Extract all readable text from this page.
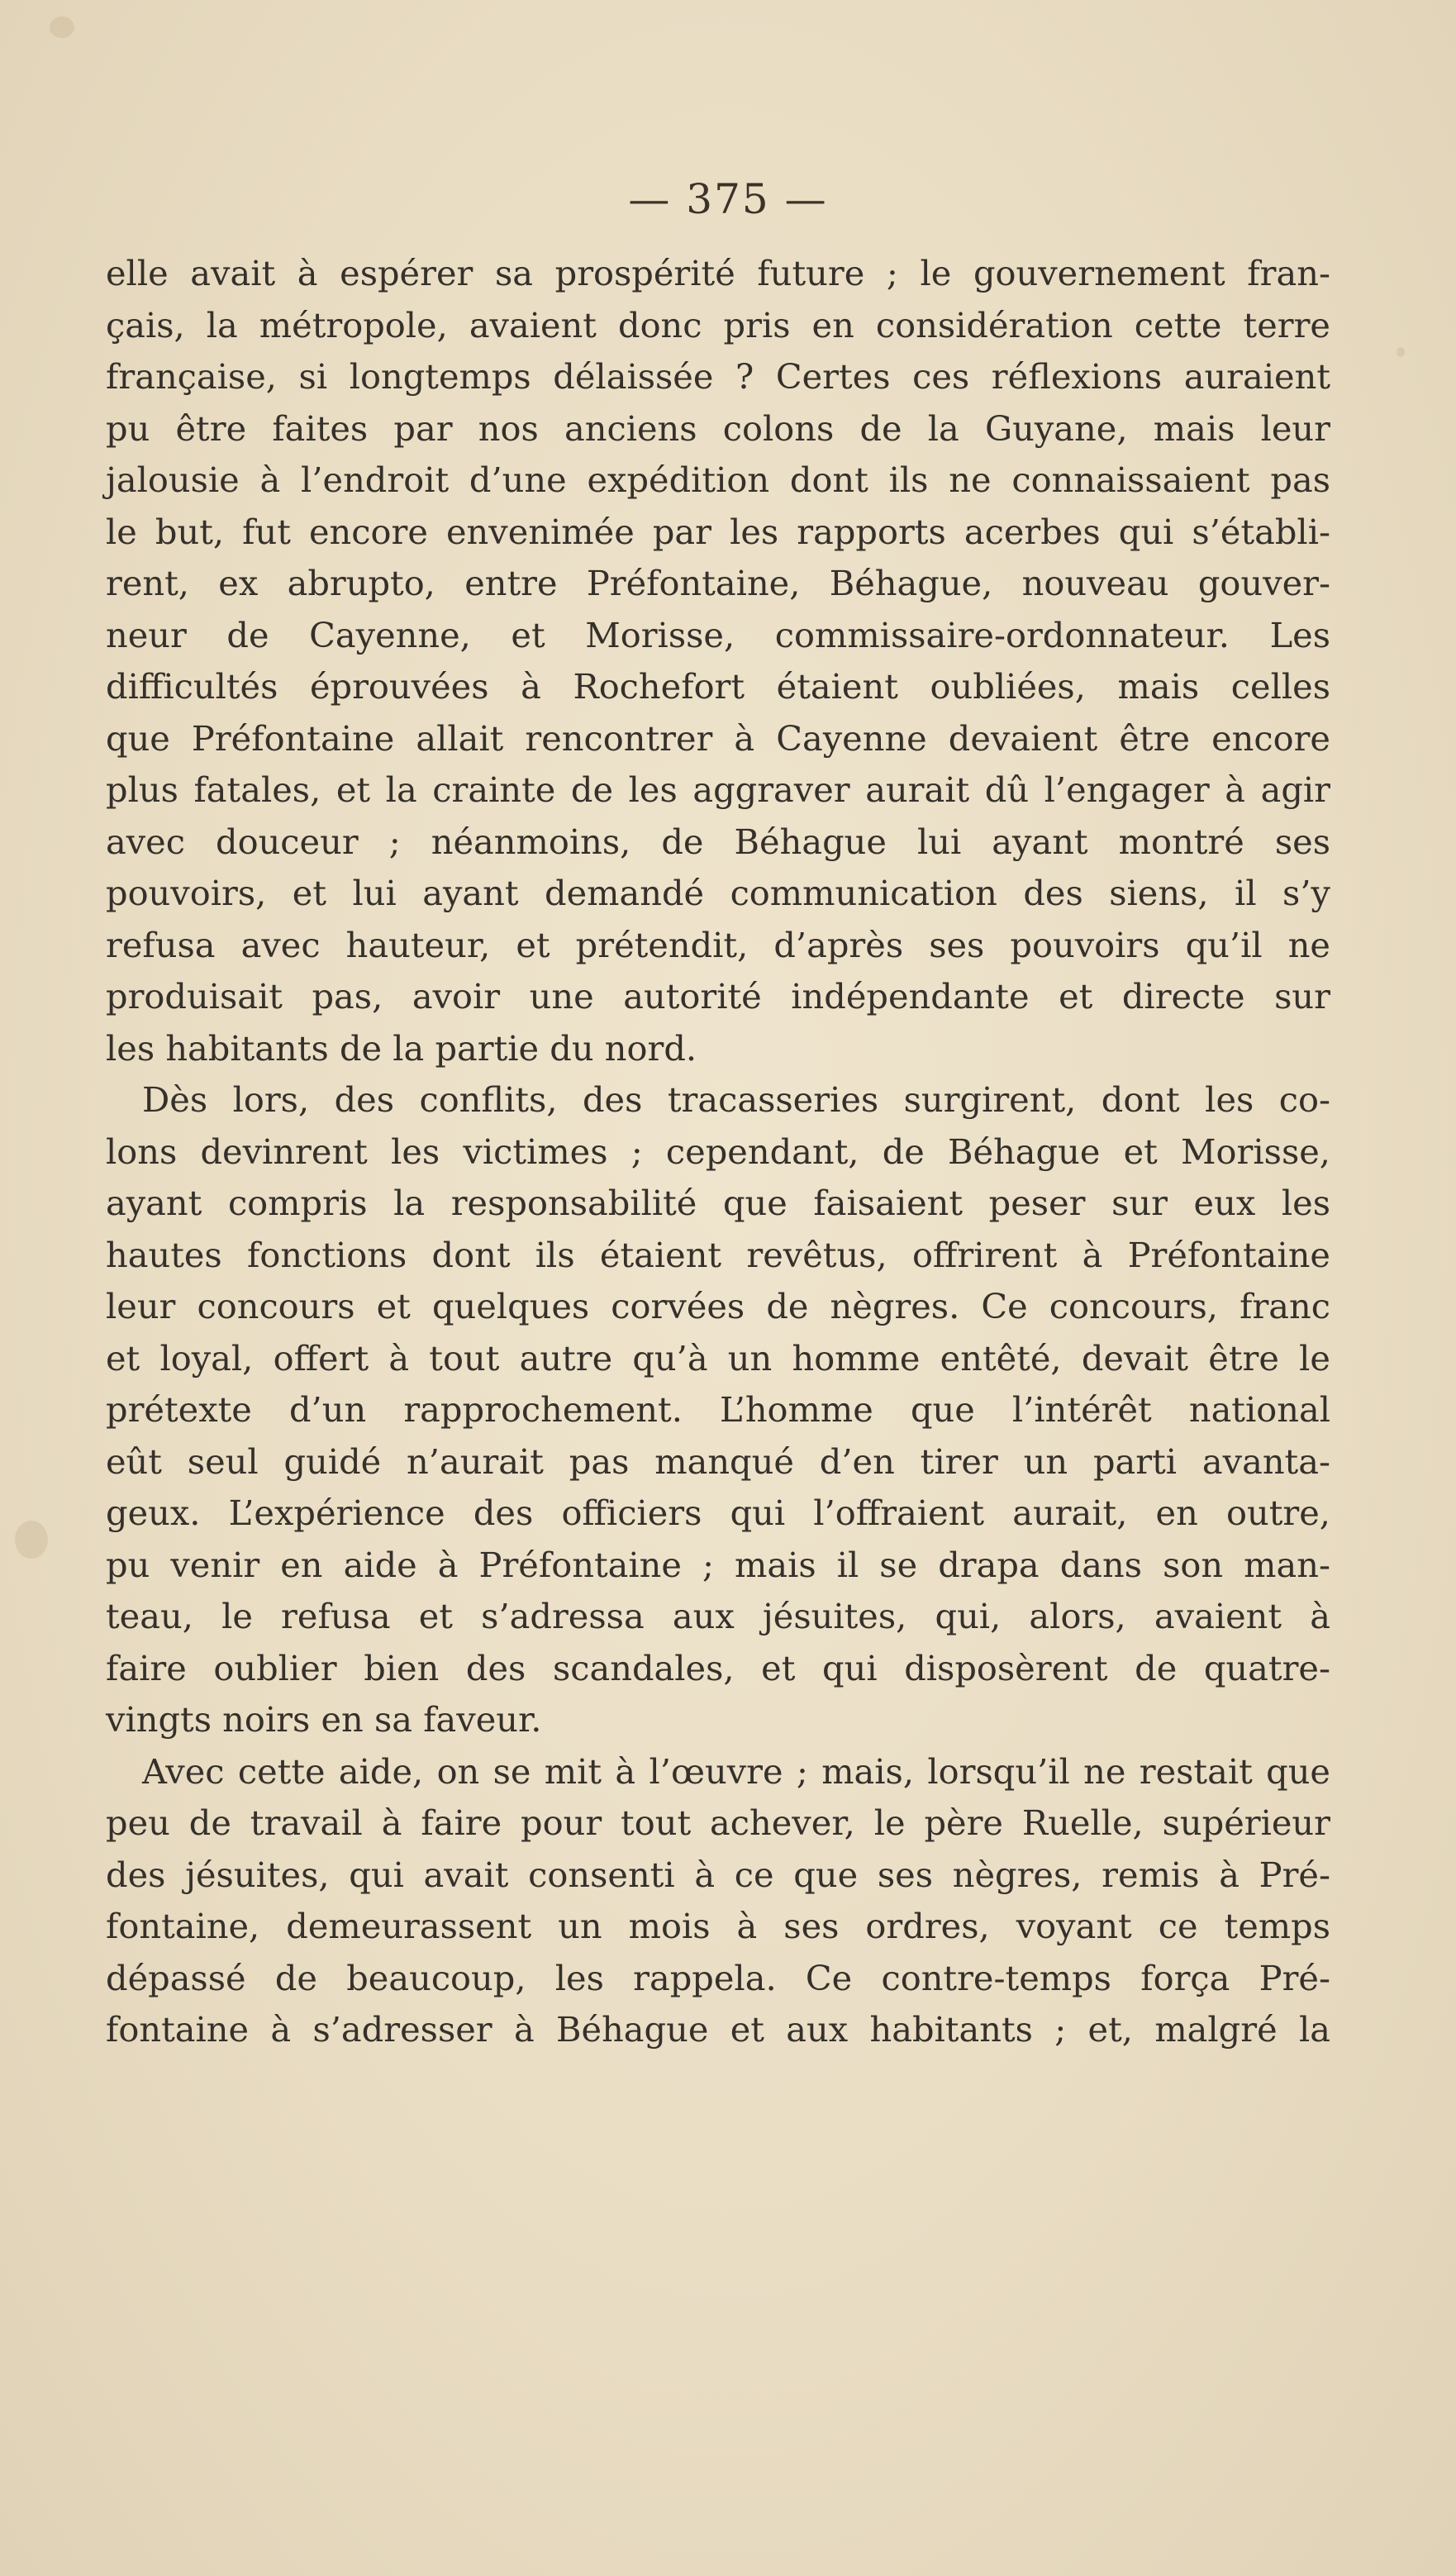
— 375 —
elle avait à espérer sa prospérité future ; le gouvernement fran-
çais, la métropole, avaient donc pris en considération cette terre
française, si longtemps délaissée ? Certes ces réflexions auraient
pu être faites par nos anciens colons de la Guyane, mais leur
jalousie à l’endroit d’une expédition dont ils ne connaissaient pas
le but, fut encore envenimée par les rapports acerbes qui s’établi-
rent, ex abrupto, entre Préfontaine, Béhague, nouveau gouver-
neur de Cayenne, et Morisse, commissaire-ordonnateur. Les
difficultés éprouvées à Rochefort étaient oubliées, mais celles
que Préfontaine allait rencontrer à Cayenne devaient être encore
plus fatales, et la crainte de les aggraver aurait dû l’engager à agir
avec douceur ; néanmoins, de Béhague lui ayant montré ses
pouvoirs, et lui ayant demandé communication des siens, il s’y
refusa avec hauteur, et prétendit, d’après ses pouvoirs qu’il ne
produisait pas, avoir une autorité indépendante et directe sur
les habitants de la partie du nord.
Dès lors, des conflits, des tracasseries surgirent, dont les co-
lons devinrent les victimes ; cependant, de Béhague et Morisse,
ayant compris la responsabilité que faisaient peser sur eux les
hautes fonctions dont ils étaient revêtus, offrirent à Préfontaine
leur concours et quelques corvées de nègres. Ce concours, franc
et loyal, offert à tout autre qu’à un homme entêté, devait être le
prétexte d’un rapprochement. L’homme que l’intérêt national
eût seul guidé n’aurait pas manqué d’en tirer un parti avanta-
geux. L’expérience des officiers qui l’offraient aurait, en outre,
pu venir en aide à Préfontaine ; mais il se drapa dans son man-
teau, le refusa et s’adressa aux jésuites, qui, alors, avaient à
faire oublier bien des scandales, et qui disposèrent de quatre-
vingts noirs en sa faveur.
Avec cette aide, on se mit à l’œuvre ; mais, lorsqu’il ne restait que
peu de travail à faire pour tout achever, le père Ruelle, supérieur
des jésuites, qui avait consenti à ce que ses nègres, remis à Pré-
fontaine, demeurassent un mois à ses ordres, voyant ce temps
dépassé de beaucoup, les rappela. Ce contre-temps força Pré-
fontaine à s’adresser à Béhague et aux habitants ; et, malgré la
